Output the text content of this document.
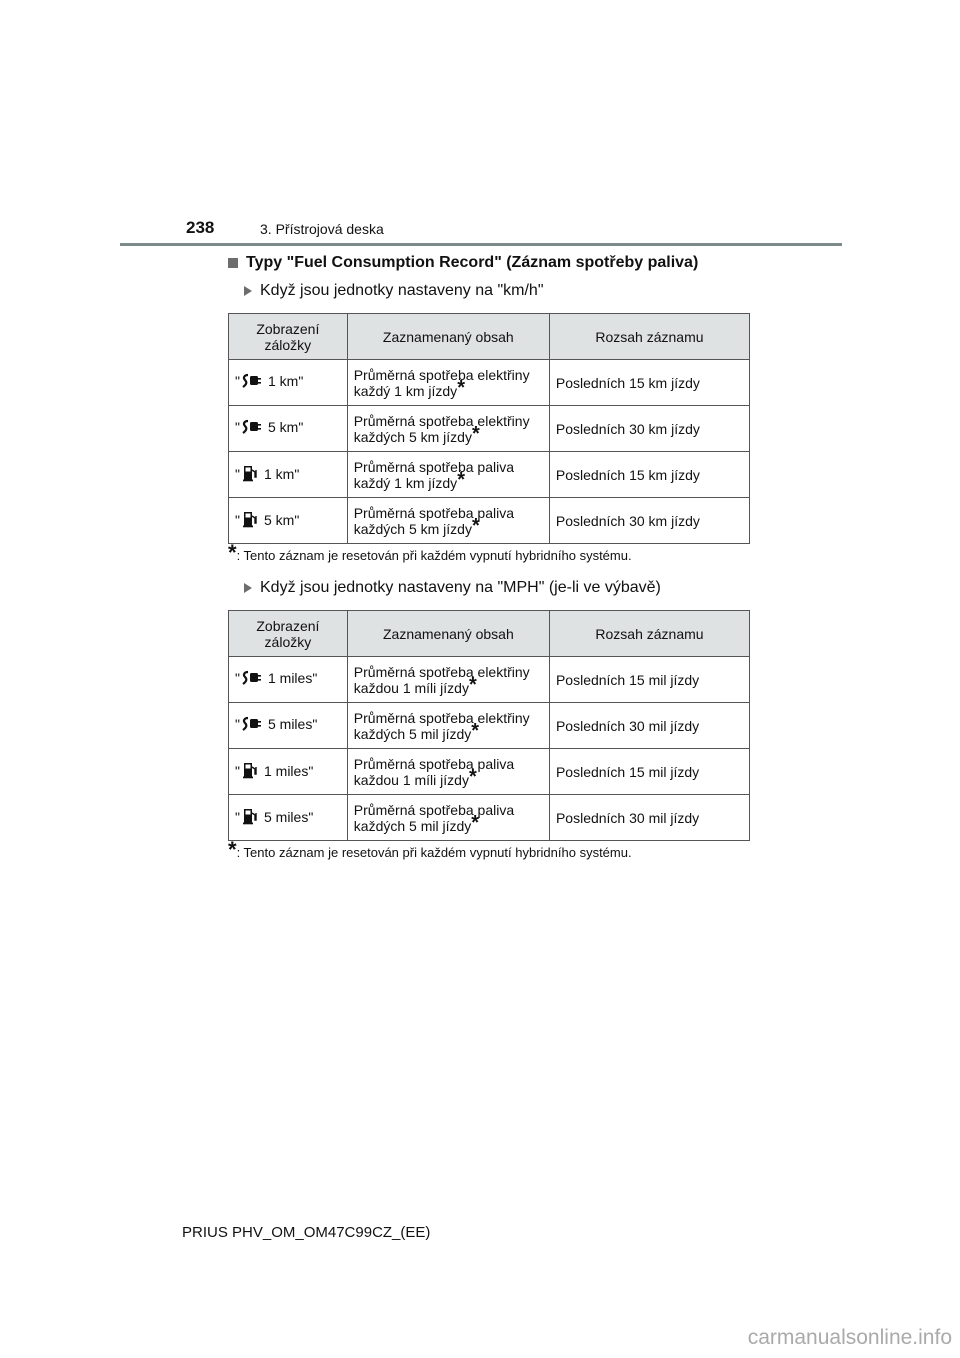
238	3. Přístrojová deska
Typy "Fuel Consumption Record" (Záznam spotřeby paliva)
Když jsou jednotky nastaveny na "km/h"
Zobrazení záložky	Zaznamenaný obsah	Rozsah záznamu
" 1 km"	Průměrná spotřeba elektřiny každý 1 km jízdy*	Posledních 15 km jízdy
" 5 km"	Průměrná spotřeba elektřiny každých 5 km jízdy*	Posledních 30 km jízdy
" 1 km"	Průměrná spotřeba paliva každý 1 km jízdy*	Posledních 15 km jízdy
" 5 km"	Průměrná spotřeba paliva každých 5 km jízdy*	Posledních 30 km jízdy
*: Tento záznam je resetován při každém vypnutí hybridního systému.
Když jsou jednotky nastaveny na "MPH" (je-li ve výbavě)
Zobrazení záložky	Zaznamenaný obsah	Rozsah záznamu
" 1 miles"	Průměrná spotřeba elektřiny každou 1 míli jízdy*	Posledních 15 mil jízdy
" 5 miles"	Průměrná spotřeba elektřiny každých 5 mil jízdy*	Posledních 30 mil jízdy
" 1 miles"	Průměrná spotřeba paliva každou 1 míli jízdy*	Posledních 15 mil jízdy
" 5 miles"	Průměrná spotřeba paliva každých 5 mil jízdy*	Posledních 30 mil jízdy
*: Tento záznam je resetován při každém vypnutí hybridního systému.
PRIUS PHV_OM_OM47C99CZ_(EE)
carmanualsonline.info
